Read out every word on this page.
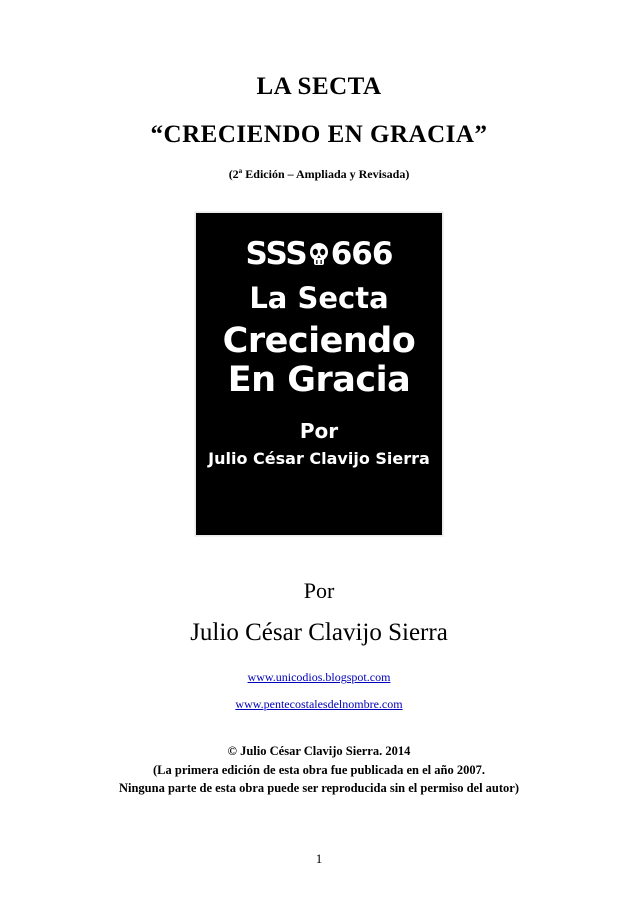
LA SECTA
“CRECIENDO EN GRACIA”
(2ª Edición – Ampliada y Revisada)
SSS 666
La Secta
Creciendo
En Gracia
Por
Julio César Clavijo Sierra
Por
Julio César Clavijo Sierra
www.unicodios.blogspot.com
www.pentecostalesdelnombre.com
© Julio César Clavijo Sierra. 2014
(La primera edición de esta obra fue publicada en el año 2007.
Ninguna parte de esta obra puede ser reproducida sin el permiso del autor)
1
